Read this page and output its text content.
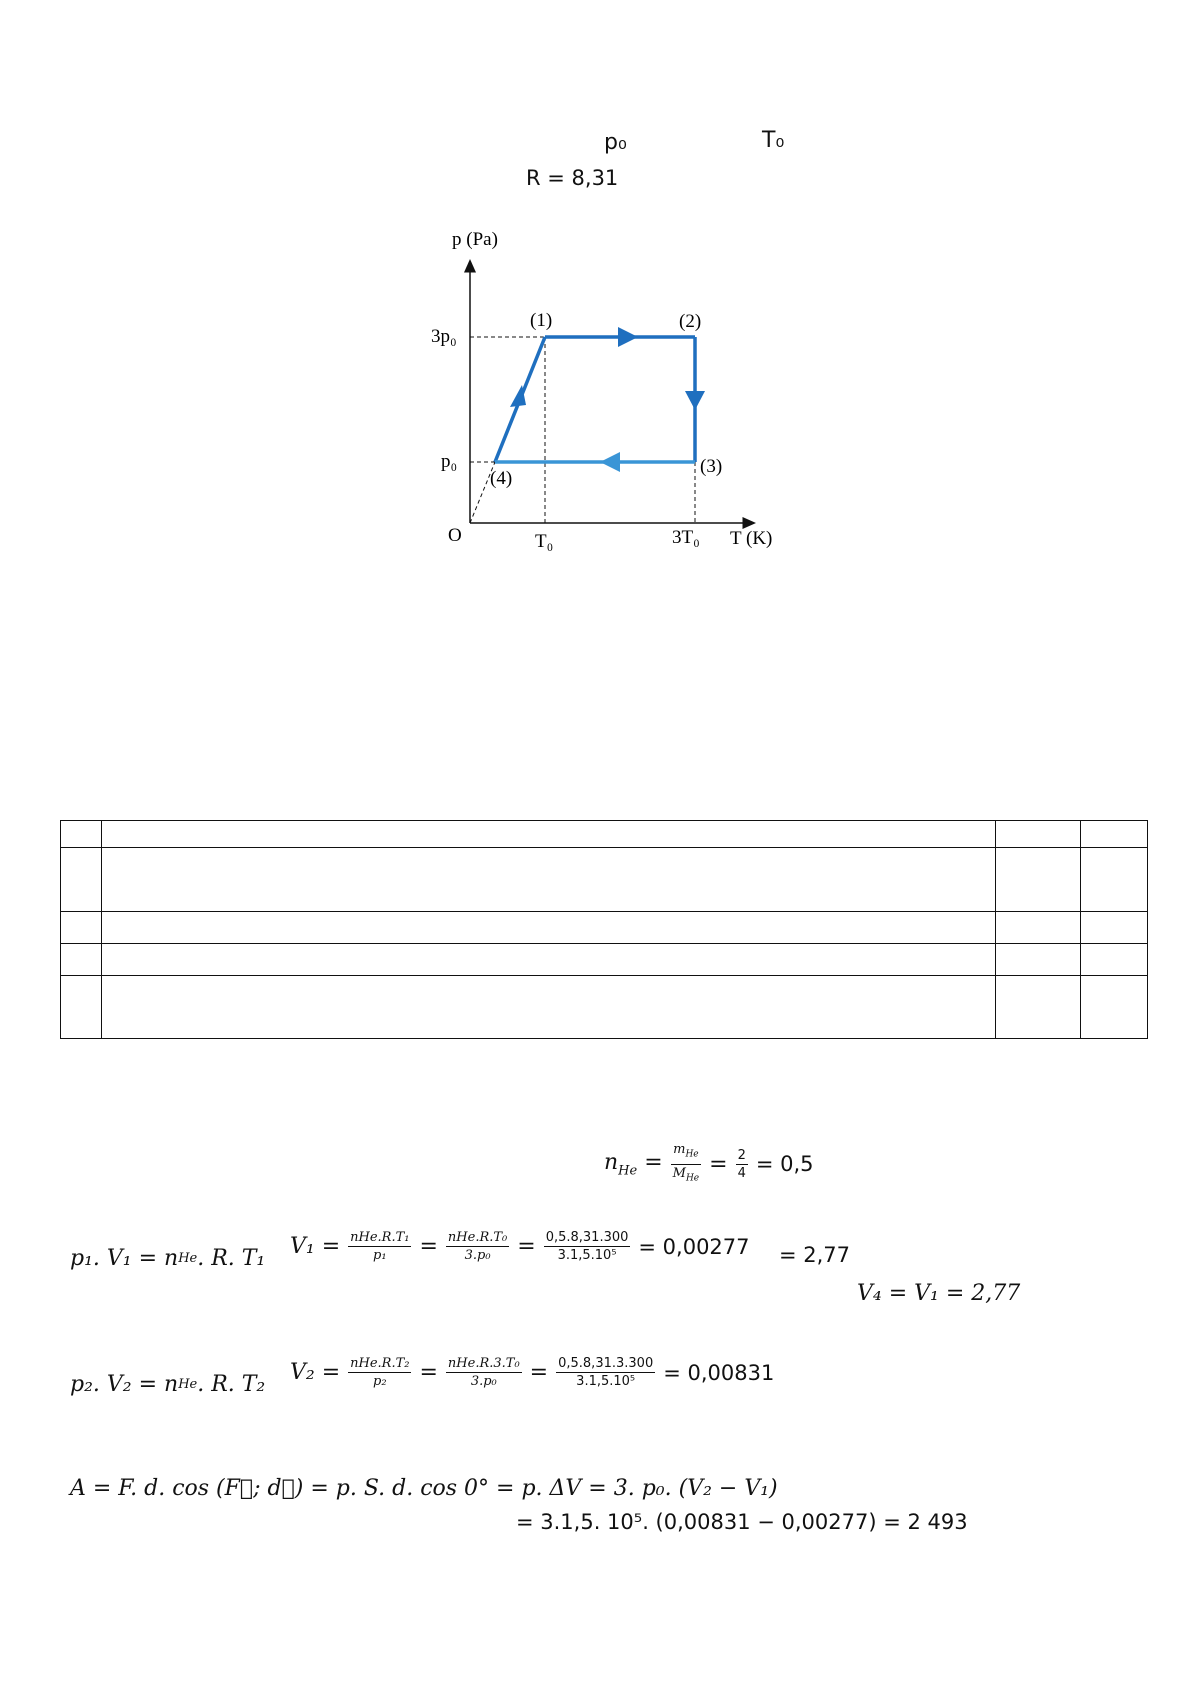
p₀	T₀
R = 8,31
p (Pa)
T (K)
O
3p₀
p₀
T₀	3T₀
(1)	(2)
(3)
(4)

$n_{He} = \frac{m_{He}}{M_{He}} = \frac{2}{4} = 0,5$
p₁. V₁ = n He . R. T₁ $V_1 = \frac{\text{nHe.R.T₁}}{\text{p₁}} = \frac{\text{nHe.R.T₀}}{\text{3.p₀}} = \frac{0,5.8,31.300}{\text{3.1,5.10⁵}} = 0,00277 = 2,77$
V₄ = V₁ = 2,77
p₂. V₂ = n He . R. T₂ $V_2 = \frac{\text{nHe.R.T₂}}{\text{p₂}} = \frac{\text{nHe.R.3.T₀}}{\text{3.p₀}} = \frac{0,5.8,31.3.300}{\text{3.1,5.10⁵}} = 0,00831$
A = F. d. cos (F⃗; d⃗) = p. S. d. cos 0° = p. ΔV = 3. p₀. (V₂ − V₁)
= 3.1,5. 10⁵. (0,00831 − 0,00277) = 2 493
